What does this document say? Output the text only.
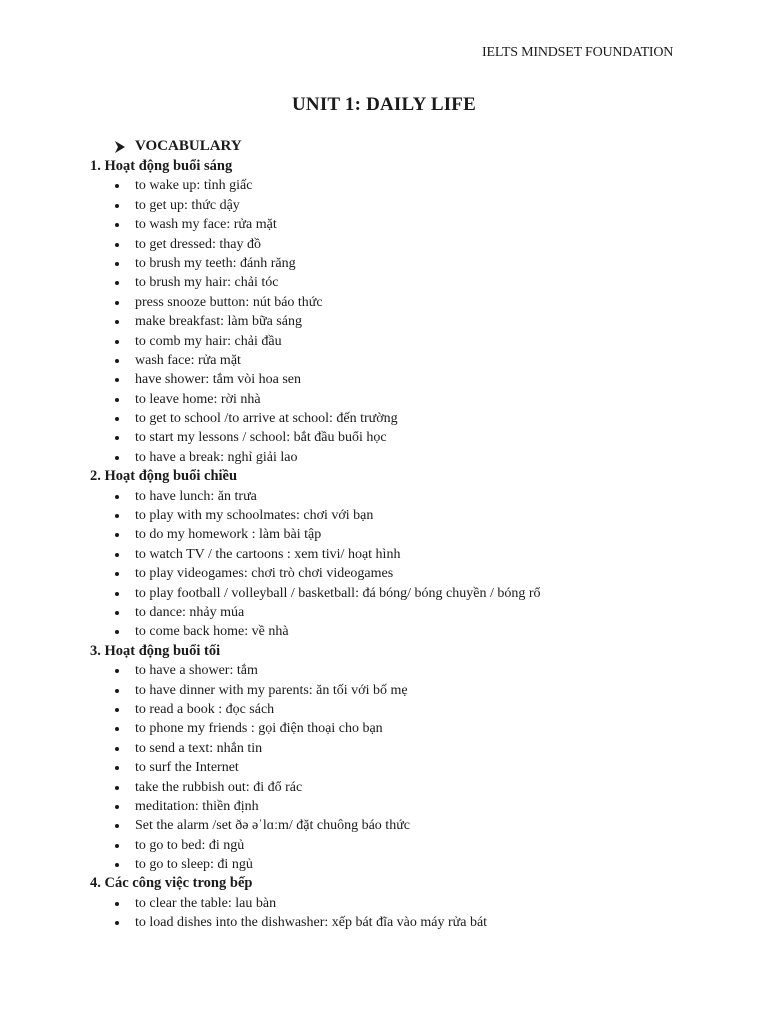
IELTS MINDSET FOUNDATION
UNIT 1: DAILY LIFE
VOCABULARY
1. Hoạt động buổi sáng
to wake up: tỉnh giấc
to get up: thức dậy
to wash my face: rửa mặt
to get dressed: thay đồ
to brush my teeth: đánh răng
to brush my hair: chải tóc
press snooze button: nút báo thức
make breakfast: làm bữa sáng
to comb my hair: chải đầu
wash face: rửa mặt
have shower: tắm vòi hoa sen
to leave home: rời nhà
to get to school /to arrive at school: đến trường
to start my lessons / school: bắt đầu buổi học
to have a break: nghỉ giải lao
2. Hoạt động buổi chiều
to have lunch: ăn trưa
to play with my schoolmates: chơi với bạn
to do my homework : làm bài tập
to watch TV / the cartoons : xem tivi/ hoạt hình
to play videogames: chơi trò chơi videogames
to play football / volleyball / basketball: đá bóng/ bóng chuyền / bóng rổ
to dance: nhảy múa
to come back home: về nhà
3. Hoạt động buổi tối
to have a shower: tắm
to have dinner with my parents: ăn tối với bố mẹ
to read a book : đọc sách
to phone my friends : gọi điện thoại cho bạn
to send a text: nhắn tin
to surf the Internet
take the rubbish out: đi đổ rác
meditation: thiền định
Set the alarm /set ðə əˈlɑːm/ đặt chuông báo thức
to go to bed: đi ngủ
to go to sleep: đi ngủ
4. Các công việc trong bếp
to clear the table: lau bàn
to load dishes into the dishwasher: xếp bát đĩa vào máy rửa bát
